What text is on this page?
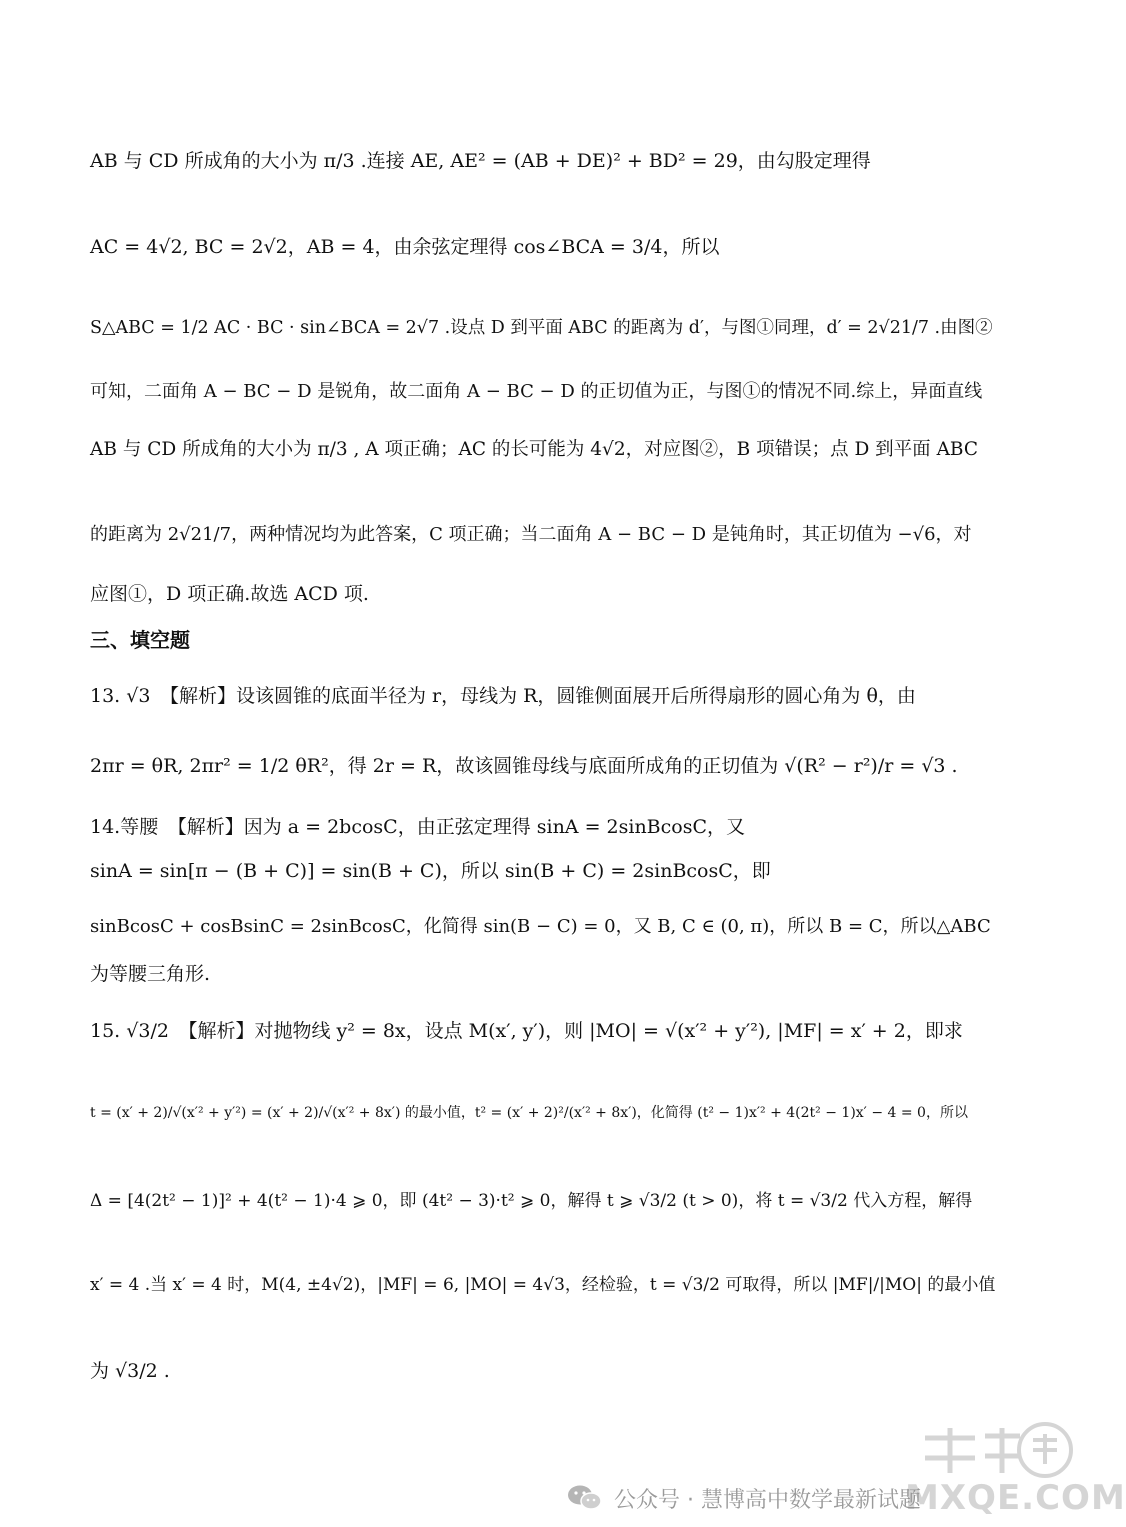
AB 与 CD 所成角的大小为 π/3 .连接 AE, AE² = (AB + DE)² + BD² = 29，由勾股定理得
AC = 4√2, BC = 2√2，AB = 4，由余弦定理得 cos∠BCA = 3/4，所以
S△ABC = 1/2 AC · BC · sin∠BCA = 2√7 .设点 D 到平面 ABC 的距离为 d′，与图①同理，d′ = 2√21/7 .由图②
可知，二面角 A − BC − D 是锐角，故二面角 A − BC − D 的正切值为正，与图①的情况不同.综上，异面直线
AB 与 CD 所成角的大小为 π/3 , A 项正确；AC 的长可能为 4√2，对应图②，B 项错误；点 D 到平面 ABC
的距离为 2√21/7，两种情况均为此答案，C 项正确；当二面角 A − BC − D 是钝角时，其正切值为 −√6，对
应图①，D 项正确.故选 ACD 项.
三、填空题
13. √3　【解析】设该圆锥的底面半径为 r，母线为 R，圆锥侧面展开后所得扇形的圆心角为 θ，由
2πr = θR, 2πr² = 1/2 θR²，得 2r = R，故该圆锥母线与底面所成角的正切值为 √(R² − r²)/r = √3 .
14.等腰　【解析】因为 a = 2bcosC，由正弦定理得 sinA = 2sinBcosC，又
sinA = sin[π − (B + C)] = sin(B + C)，所以 sin(B + C) = 2sinBcosC，即
sinBcosC + cosBsinC = 2sinBcosC，化简得 sin(B − C) = 0，又 B, C ∈ (0, π)，所以 B = C，所以△ABC
为等腰三角形.
15. √3/2　【解析】对抛物线 y² = 8x，设点 M(x′, y′)，则 |MO| = √(x′² + y′²), |MF| = x′ + 2，即求
t = (x′ + 2)/√(x′² + y′²) = (x′ + 2)/√(x′² + 8x′) 的最小值，t² = (x′ + 2)²/(x′² + 8x′)，化简得 (t² − 1)x′² + 4(2t² − 1)x′ − 4 = 0，所以
Δ = [4(2t² − 1)]² + 4(t² − 1)·4 ⩾ 0，即 (4t² − 3)·t² ⩾ 0，解得 t ⩾ √3/2 (t > 0)，将 t = √3/2 代入方程，解得
x′ = 4 .当 x′ = 4 时，M(4, ±4√2)，|MF| = 6, |MO| = 4√3，经检验，t = √3/2 可取得，所以 |MF|/|MO| 的最小值
为 √3/2 .
公众号 · 慧博高中数学最新试题
MXQE.COM
